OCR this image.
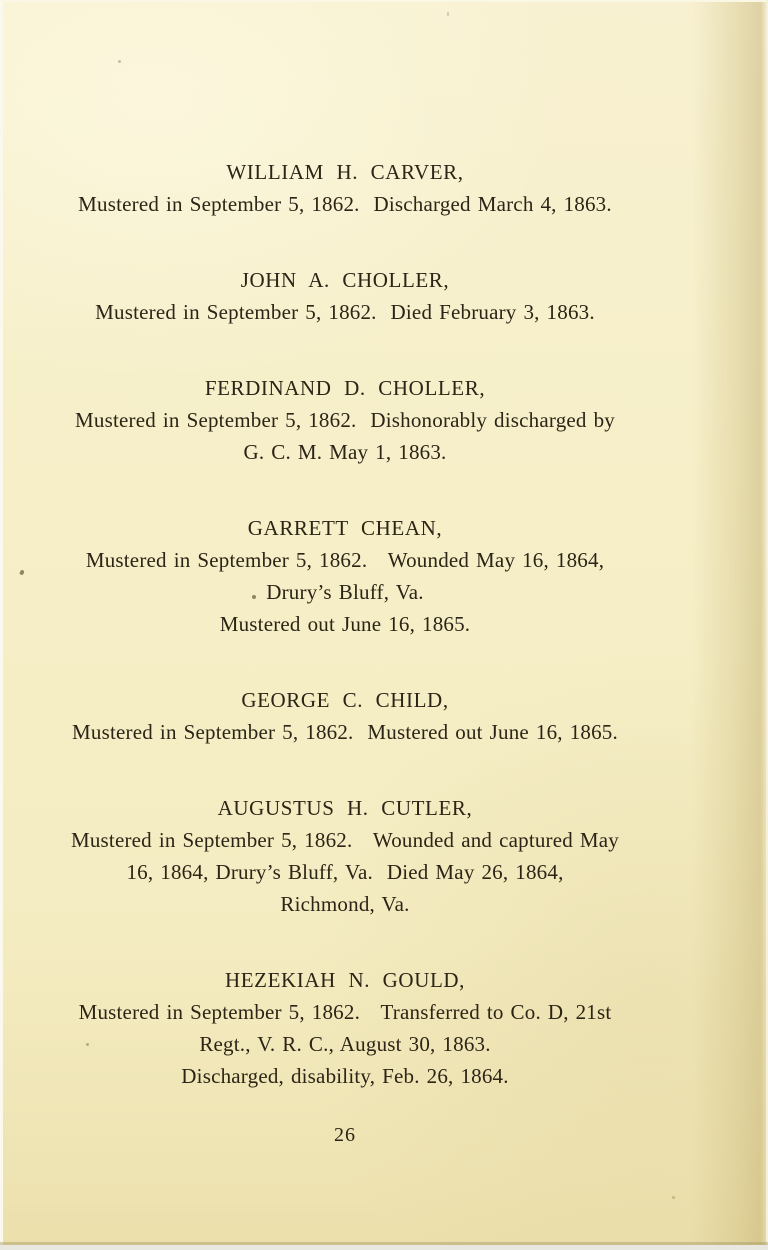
WILLIAM H. CARVER,
Mustered in September 5, 1862.  Discharged March 4, 1863.
JOHN A. CHOLLER,
Mustered in September 5, 1862.  Died February 3, 1863.
FERDINAND D. CHOLLER,
Mustered in September 5, 1862.  Dishonorably discharged by
G. C. M. May 1, 1863.
GARRETT CHEAN,
Mustered in September 5, 1862.   Wounded May 16, 1864,
Drury’s Bluff, Va.
Mustered out June 16, 1865.
GEORGE C. CHILD,
Mustered in September 5, 1862.  Mustered out June 16, 1865.
AUGUSTUS H. CUTLER,
Mustered in September 5, 1862.   Wounded and captured May
16, 1864, Drury’s Bluff, Va.  Died May 26, 1864,
Richmond, Va.
HEZEKIAH N. GOULD,
Mustered in September 5, 1862.   Transferred to Co. D, 21st
Regt., V. R. C., August 30, 1863.
Discharged, disability, Feb. 26, 1864.
26
